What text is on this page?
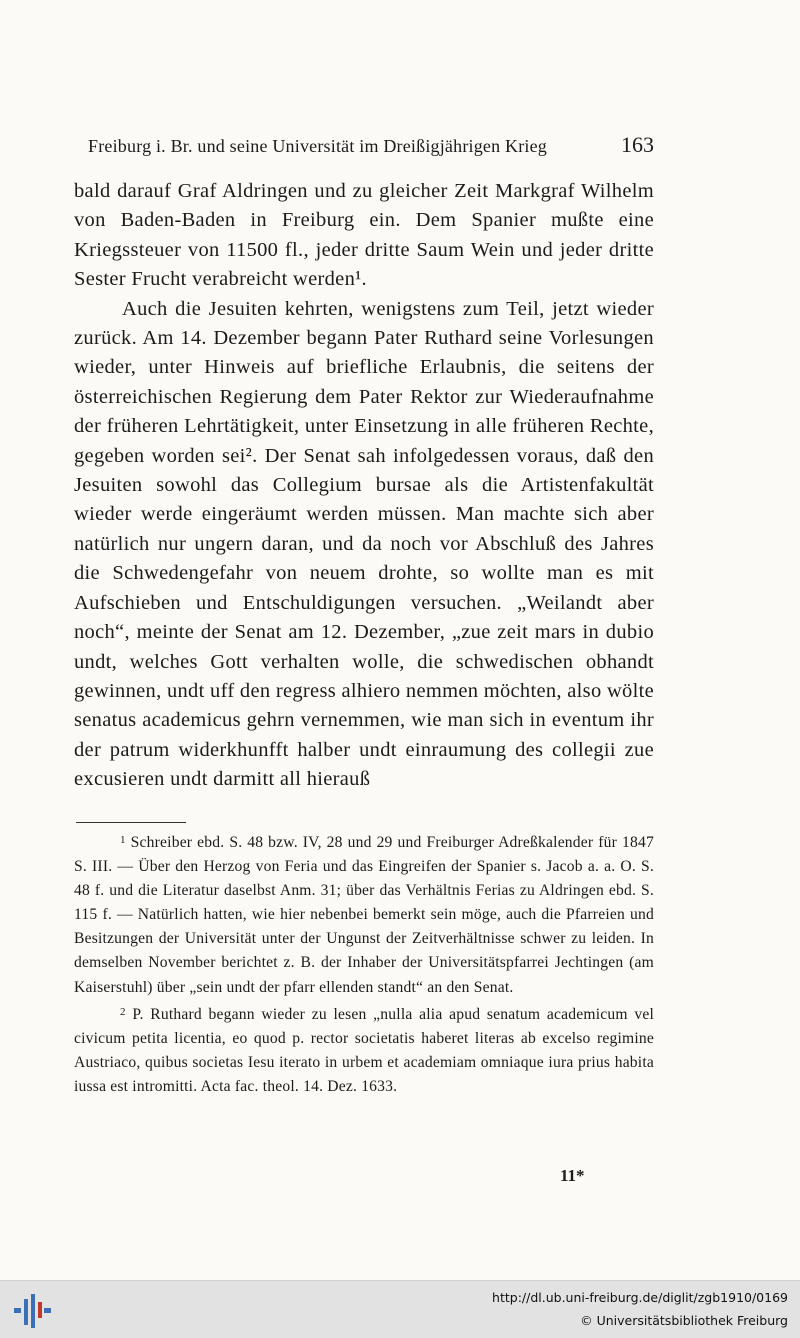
Freiburg i. Br. und seine Universität im Dreißigjährigen Krieg	163

bald darauf Graf Aldringen und zu gleicher Zeit Markgraf Wilhelm von Baden-Baden in Freiburg ein. Dem Spanier mußte eine Kriegssteuer von 11500 fl., jeder dritte Saum Wein und jeder dritte Sester Frucht verabreicht werden¹.

Auch die Jesuiten kehrten, wenigstens zum Teil, jetzt wieder zurück. Am 14. Dezember begann Pater Ruthard seine Vorlesungen wieder, unter Hinweis auf briefliche Erlaubnis, die seitens der österreichischen Regierung dem Pater Rektor zur Wiederaufnahme der früheren Lehrtätigkeit, unter Einsetzung in alle früheren Rechte, gegeben worden sei². Der Senat sah infolgedessen voraus, daß den Jesuiten sowohl das Collegium bursae als die Artistenfakultät wieder werde eingeräumt werden müssen. Man machte sich aber natürlich nur ungern daran, und da noch vor Abschluß des Jahres die Schwedengefahr von neuem drohte, so wollte man es mit Aufschieben und Entschuldigungen versuchen. „Weilandt aber noch“, meinte der Senat am 12. Dezember, „zue zeit mars in dubio undt, welches Gott verhalten wolle, die schwedischen obhandt gewinnen, undt uff den regress alhiero nemmen möchten, also wölte senatus academicus gehrn vernemmen, wie man sich in eventum ihr der patrum widerkhunfft halber undt einraumung des collegii zue excusieren undt darmitt all hierauß

$^1$ Schreiber ebd. S. 48 bzw. IV, 28 und 29 und Freiburger Adreßkalender für 1847 S. III. — Über den Herzog von Feria und das Eingreifen der Spanier s. Jacob a. a. O. S. 48 f. und die Literatur daselbst Anm. 31; über das Verhältnis Ferias zu Aldringen ebd. S. 115 f. — Natürlich hatten, wie hier nebenbei bemerkt sein möge, auch die Pfarreien und Besitzungen der Universität unter der Ungunst der Zeitverhältnisse schwer zu leiden. In demselben November berichtet z. B. der Inhaber der Universitätspfarrei Jechtingen (am Kaiserstuhl) über „sein undt der pfarr ellenden standt“ an den Senat.

$^2$ P. Ruthard begann wieder zu lesen „nulla alia apud senatum academicum vel civicum petita licentia, eo quod p. rector societatis haberet literas ab excelso regimine Austriaco, quibus societas Iesu iterato in urbem et academiam omniaque iura prius habita iussa est intromitti. Acta fac. theol. 14. Dez. 1633.

11*
http://dl.ub.uni-freiburg.de/diglit/zgb1910/0169
© Universitätsbibliothek Freiburg
